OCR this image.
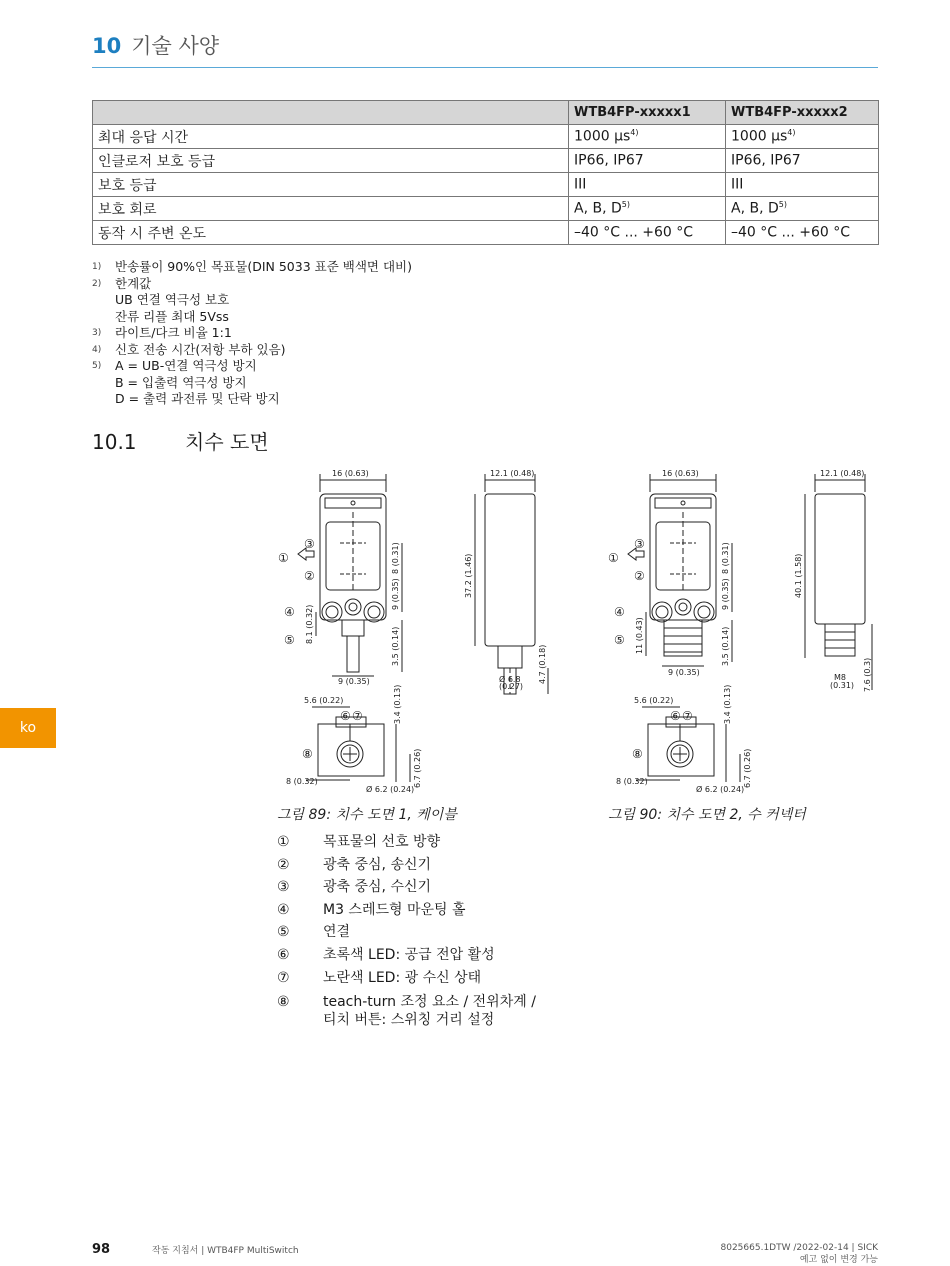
10 기술 사양
	WTB4FP-xxxxx1	WTB4FP-xxxxx2
최대 응답 시간	1000 µs$^{4)}$	1000 µs$^{4)}$
인클로저 보호 등급	IP66, IP67	IP66, IP67
보호 등급	III	III
보호 회로	A, B, $D^{5)}$	A, B, $D^{5)}$
동작 시 주변 온도	–40 °C ... +60 °C	–40 °C ... +60 °C
1)	반송률이 90%인 목표물(DIN 5033 표준 백색면 대비)
2)	한계값
UB 연결 역극성 보호
잔류 리플 최대 5Vss
3)	라이트/다크 비율 1:1
4)	신호 전송 시간(저항 부하 있음)
5)	A = UB-연결 역극성 방지
B = 입출력 역극성 방지
D = 출력 과전류 및 단락 방지
10.1 치수 도면
16 (0.63)	12.1 (0.48)
37.2 (1.46)
8 (0.31)
9 (0.35)
8.1 (0.32)
3.5 (0.14)
9 (0.35)	Ø 6.8
(0.27)
4.7 (0.18)
5.6 (0.22)	3.4 (0.13)
8 (0.32)
Ø 6.2 (0.24)
6.7 (0.26)
①
②
③
④
⑤
⑥ ⑦
⑧
16 (0.63)	12.1 (0.48)
40.1 (1.58)
8 (0.31)
9 (0.35)
11 (0.43)	3.5 (0.14)
9 (0.35)
M8
(0.31) 7.6 (0.3)
5.6 (0.22)	3.4 (0.13)
8 (0.32)
Ø 6.2 (0.24)
6.7 (0.26)
①
②
③
④
⑤
⑥ ⑦
⑧
그림 89: 치수 도면 1, 케이블	그림 90: 치수 도면 2, 수 커넥터
①	목표물의 선호 방향
②	광축 중심, 송신기
③	광축 중심, 수신기
④	M3 스레드형 마운팅 홀
⑤	연결
⑥	초록색 LED: 공급 전압 활성
⑦	노란색 LED: 광 수신 상태
⑧	teach-turn 조정 요소 / 전위차계 /
티치 버튼: 스위칭 거리 설정
ko
98	작동 지침서 | WTB4FP MultiSwitch	8025665.1DTW /2022-02-14 | SICK
예고 없이 변경 가능
